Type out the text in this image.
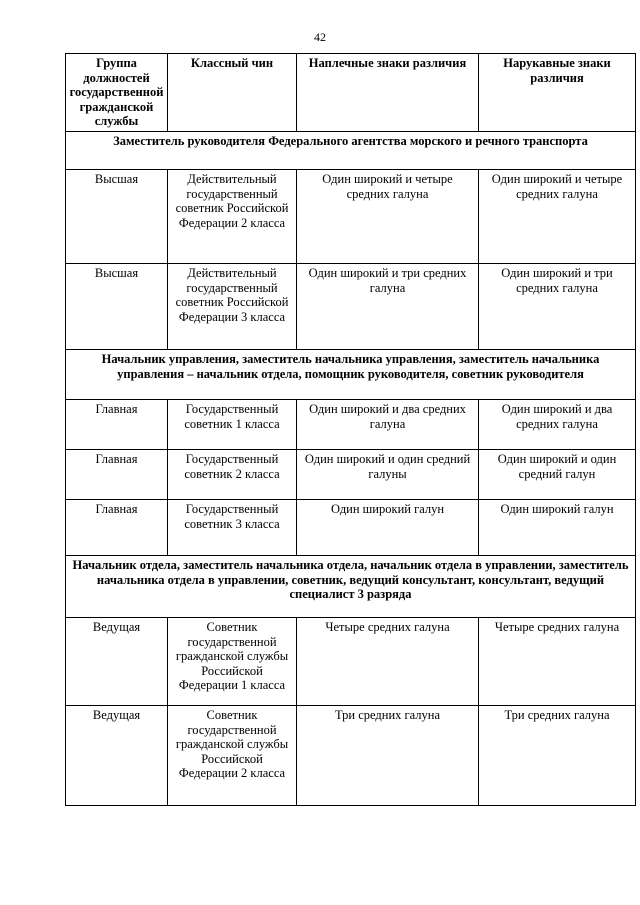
42
Группа должностей государственной гражданской службы	Классный чин	Наплечные знаки различия	Нарукавные знаки различия
Заместитель руководителя Федерального агентства морского и речного транспорта			
Высшая	Действительный государственный советник Российской Федерации 2 класса	Один широкий и четыре средних галуна	Один широкий и четыре средних галуна
Высшая	Действительный государственный советник Российской Федерации 3 класса	Один широкий и три средних галуна	Один широкий и три средних галуна
Начальник управления, заместитель начальника управления, заместитель начальника управления – начальник отдела, помощник руководителя, советник руководителя			
Главная	Государственный советник 1 класса	Один широкий и два средних галуна	Один широкий и два средних галуна
Главная	Государственный советник 2 класса	Один широкий и один средний галуны	Один широкий и один средний галун
Главная	Государственный советник 3 класса	Один широкий галун	Один широкий галун
Начальник отдела, заместитель начальника отдела, начальник отдела в управлении, заместитель начальника отдела в управлении, советник, ведущий консультант, консультант, ведущий специалист 3 разряда			
Ведущая	Советник государственной гражданской службы Российской Федерации 1 класса	Четыре средних галуна	Четыре средних галуна
Ведущая	Советник государственной гражданской службы Российской Федерации 2 класса	Три средних галуна	Три средних галуна
